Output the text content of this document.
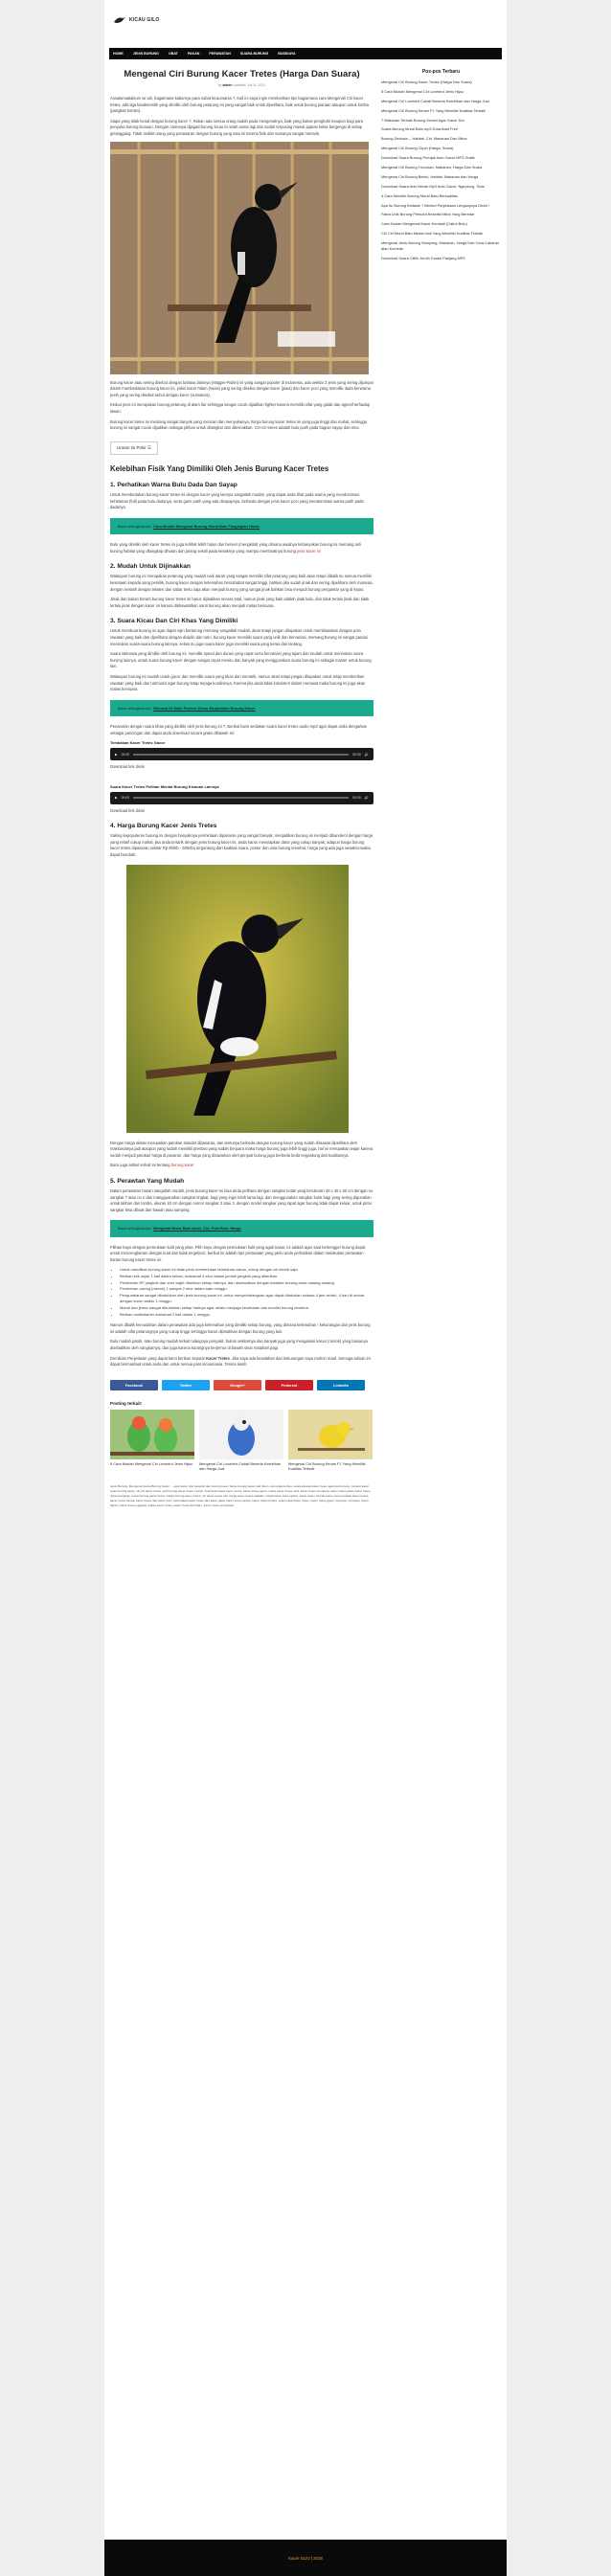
KICAU GILO
HOME	JENIS BURUNG	OBAT	PAKAN	PERAWATAN	SUARA BURUNG	BUDIDAYA
Mengenal Ciri Burung Kacer Tretes (Harga Dan Suara)
by admin Updated: Juli 11, 2021

Assalamualaikum wr wb, bagaimana kabarnya para sobat kicaumania ?, Kali ini saya ingin memberikan tips bagaimana cara Mengenali Ciri kacer tretes, ada tiga karakteristik yang dimiliki oleh burung petarung ini yang sangat baik untuk dipelihara, baik untuk burung piaraan ataupun untuk lomba (pangkas kontes).

Siapa yang tidak kenal dengan burung kacer ?, Rakan ada semua orang sudah pada mengenalnya, baik yang bukan penghobi maupun bagi para penyuka burung kicauan. Dengan namanya dijagad burung kicau ini telah sama lagi dan sudah terpusing masuk jajaran kelas bergengsi di setiap gelanggang. Tidak sedikit orang yang penasaran dengan burung yang satu ini karena fisik dan suaranya sangat menarik.

Burung kacer atau sering disebut dengan bahasa latinnya (Magpie-Robin) ini yang sangat populer di Indonesia, ada sekitar 2 jenis yang sering dijumpai dalam membedakan burung kacer ini, yakni kacer hitam (Nusa) yang sering disebut dengan kacer (jawa) dan kacer poci yang memiliki dada berwarna putih yang sering disebut-sebut dengan kacer (sumatera).

Kedua jenis ini merupakan burung petarung di alam liar sehingga sangat cocok dijadikan fighter karena memiliki sifat yang galak dan agresif terhadap lawan.

Burung kacer tretes ini memang sangat banyak yang mencari dan menyukainya, harga burung kacer tretes ini yang juga tinggi dan mahal, sehingga burung ini sangat cocok dijadikan sebagai pilihan untuk ditangkar dan diternakkan. Ciri-ciri tretes adalah bulu putih pada bagian sayap dan ekor.

Urutan Isi Pokir ☰
Kelebihan Fisik Yang Dimiliki Oleh Jenis Burung Kacer Tretes
1. Perhatikan Warna Bulu Dada Dan Sayap

Untuk membedakan burung kacer tretes ini dengan kacer yang lainnya sangatlah mudah, yang dapat anda lihat pada warna yang mendominasi kehitaman (full) pada bulu dadanya, serta garis putih yang ada disayapnya, berbeda dengan jenis kacer poci yang mendominasi warna putih pada dadanya.

Baca selengkapnya : Cara Mudah Mengenal Burung Murai Batu Tangkapan Hutan

Bulu yang dimiliki oleh kacer tretes ini juga terlihat lebih halus dan berseri (mengkilat) yang dimana awalnya kebanyakan burung ini memang asli burung habitat yang ditangkap dihutan dan jarang sekali pada ketiaknya yang mampu membuatnya burung jenis kacer ini

2. Mudah Untuk Dijinakkan

Walaupun burung ini merupakan petarung yang mudah naik darah yang sangat memiliki sifat petarung yang baik akan tetapi dibalik itu semua memiliki kesetiaan kepada sang pemilik, burung kacer dengan kelemahan bersahabat sangat tinggi, bahkan jika sudah jinak dan sering dipelihara oleh manusia, dengan melatih dengan telaten dan sabar tentu saja akan menjadi burung yang sangat jinak bahkan bisa menjadi burung pengantar yang di lepas.

Jinak dan bukan berarti burung kacer tretes ini harus dijinakkan secara total, namun jinak yang baik adalah jinak kalo, dan tidak terlalu jinak dan tidak terlalu jinak dengan kacer ini karena dikhawatirkan nanti burung akan menjadi malas bersuara.

3. Suara Kicau Dan Ciri Khas Yang Dimiliki

Untuk membuat burung ini agar dapat rajin bertarung memang sangatlah mudah, akan tetapi jangan dilupakan untuk membiasakan dengan pola rawatan yang baik dan dipelihara dengan disiplin dan rutin, burung kacer memiliki suara yang unik dan bervariasi, memang burung ini sangat pandai menirukan suara-suara burung lainnya, selain itu juga suara kacer juga memiliki suara yang keras dan lantang.

Suara istimewa yang dimiliki oleh burung ini, memiliki speed dan durasi yang rapat serta bervariasi yang tajam dan mudah untuk menirukan suara burung lainnya, untuk suara burung kacer dengan sangat cepat meniru dan banyak yang menggunakan suara burung ini sebagai master untuk burung lain.

Walaupun burung ini mudah untuk gacor dan memiliki suara yang khas dan menarik, namun akan tetapi jangan dilupakan untuk tetap memberikan rawatan yang baik dan harmonis agar burung tetap terjaga kondisinya, Karena jika anda tidak konsisten dalam merawat maka burung ini juga akan malas bersuara.

Baca selengkapnya : Rahasia Di Balik Potensi Kicau Menjadikan Burung Kacer

Penasaran dengan suara khas yang dimiliki oleh jenis burung ini ?, Berikut kami sediakan suara kacer tretes audio mp3 agar dapat anda dengarkan sebagai pancingan dan dapat anda download secara gratis dibawah ini:

Tembakan Kacer Tretes Gacor
▶ 00:00	00:00 🔊

Download link disini

Suara Kacer Tretes Pelihan Mental Burung Kicauan Lainnya
▶ 00:00	00:00 🔊

Download link disini

4. Harga Burung Kacer Jenis Tretes

Saking kepopuleran burung ini dengan banyaknya permintaan dipasaran yang sangat banyak, menjadikan burung ini menjadi dibanderol dengan harga yang relatif cukup mahal, jika anda tertarik dengan jenis burung kacer ini, anda harus menyiapkan dana yang cukup banyak, adapun harga burung kacer tretes dipasaran sekitar Rp 900rb - 600ribu tergantung dari kualitas suara, postur dan usia burung tersebut, harga yang ada juga sewaktu-waktu dapat berubah.

Dengan harga diatas merupakan patokan standar dipasaran, dan tentunya berbeda dengan burung kacer yang sudah diraawat dipelihara oleh maklumatnya jadi ataupun yang sudah memiliki prestasi yang sudah berjuara maka harga burung juga lebih tinggi juga, hal ini merupakan wajar karena sudah menjadi patokan harga di pasaran, dan harga yang ditawarkan oleh penjual burung juga berbeda beda tergantung dari kualitasnya.

Baca juga artikel terkait ini tentang burung kacer

5. Perawtan Yang Mudah

Dalam perawatan harian sangatlah mudah, jenis burung kacer ini bisa anda pelihara dengan sangkar kotak yang berukuran 40 x 40 x 60 cm dengan no sangkar 7 atau no 2 dan mangguanakan sangkar tingkat, bagi yang ingin lebih lama lagi, dan menggunakan sangkar bulat bagi yang sering digunakan untuk latihan dan lomba, ukuran 40 cm dengan nomor sangkar 3 atau 2, dengan model sangkar yang rapat agar burung tidak dapat keluar, untuk pintu sangkar bisa dibuat dari bawah atau samping.

Baca selengkapnya : Mengenal Murai Batu Aceh, Ciri, Pola Ekor, Harga

Pilihan kayu dengan permukaan kulit yang jelas. Pilih kayu dengan permukaan kulit yang agak kasar, ini adalah agar saat bertengger burung dapat untuk mencengkeram dengan kuat dan tidak tergelincir, berikut ini adalah tips perawatan yang perlu anda perhatikan dalam melakukan perawatan harian burung kacer tretes ini.

• Untuk mandikan burung kacer ini tidak perlu memerlukan tambahan cairan, cukup dengan air bersih saja.
• Berikan krik sejak 1 kali dalam sehari, maksimal 4 ekor dalam jumlah jangkrik yang diberikan.
• Pemberian EF jangkrik dan voer wajib diberikan setiap harinya, dan disesuaikan dengan karakter burung anda masing-masing.
• Pemberian cacing (merah) 1 sampai 2 ekor dalam satu minggu.
• Pengumbaran sangat dibutuhkan oleh jenis burung kacer ini, untuk menyeimbangkan agar dapat dilakukan selama 4 jam sehari, 4 hari di umbar dengan kurun waktu 1 minggu.
• Mandi dan jemur sangat dibutuhkan setiap harinya agar selalu menjaga kesehatan dan kondisi burung tersebut.
• Berikan multivitamin maksimal 2 kali dalam 1 minggu.

Namun dibalik kemudahan dalam perawatan ada juga kelemahan yang dimiliki setiap burung, yang dimana kelemahan / kekurangan dari jenis burung ini adalah sifat petarungnya yang cukup tinggi sehingga harus dipisahkan dengan burung yang lain.

Bulu mudah patah, atau burung mudah terkait tulangnya penyakit, bukan sekitarnya dan banyak juga yang mengalami kasus (rontok) yang biasanya disebabkan oleh sangkarnya, dan juga karena kurangnya berjemur di bawah sinar matahari pagi.

Demikian Penjelasan yang dapat kami berikan seputar Kacer Tretes. Jika saya ada kesalahan dan kekurangan saya mohon maaf. Semoga tulisan ini dapat bermanfaat untuk anda dan untuk semua para kicaumania. Terima kasih.

Facebook	Twitter	Google+	Pinterest	LinkedIn
Posting terkait:
5 Cara Mudah Mengenal Ciri Lovebird Jenis Hijau	Mengenal Ciri Lovebird Cobalt Beserta Kelebihan dan Harga Jual
Mengenal Ciri Burung Kenari F1 Yang Memiliki Kualitas Terbaik
Jenis Burung, Mengenal Suara Burung Kacer ... agar kacer tipe berganti dan burung kacer fangs burung kacer jual hitam, kemurgaca ches, suara ekstasi kacer tretes agar jual burung, canang kacer tetas burung kacer, ciri-ciri kacer tretes, jual burung kacer tretes murah, download suara kacer tretes, kacer tretes gacor, suara kacer tretes mp3, kacer tretes sumatera, kacer tretes jawa, kacer tretes durasi panjang, suara burung kacer tretes, harga burung kacer tretes, ciri kacer tretes asli, harga kacer tretes bakalan, harga kacer tretes gacor, kacer tretes mental juara, cara merawat kacer tretes, kacer tretes lomba, kacer tretes dan kacer poci, perbedaan kacer tretes dan kacer jawa, kacer tretes jantan, kacer tretes betina, suara pikat kacer tretes, kacer tretes gacor nyerecet, ciri kacer tretes fighter, kacer tretes ngeplay, pakan kacer tretes, kacer tretes full hitam, kacer tretes ombyokan.
Pos-pos Terbaru
Mengenal Ciri Burung Kacer Tretes (Harga Dan Suara)
5 Cara Mudah Mengenal Ciri Lovebird Jenis Hijau
Mengenal Ciri Lovebird Cobalt Beserta Kelebihan dan Harga Jual
Mengenal Ciri Burung Kenari F1 Yang Memiliki Kualitas Terbaik
7 Makanan Terbaik Burung Kenari Agar Gacor Dor
Suara Burung Murai Batu mp3 Download Free
Burung Derkuku – Habitat, Ciri, Makanan Dan Mitos
Mengenal Ciri Burung Ciyoh (Harga, Suara)
Download Suara Burung Prenjak Auto Gacor MP3 Gratis
Mengenal Ciri Burung Trucukan, Makanan, Harga Dan Suara
Mengenal Ciri Burung Beleci, Habitat, Makanan dan Harga
Download Suara Anis Merah Mp3 Auto Gacor, Ngeplong, Tidar
4 Cara Memilih Burung Murai Batu Berkualitas
Apa Itu Burung Kedasih ? Berikut Penjelasan Lengkapnya Disini !
Fakta Unik Burung Perkutut Beserta Mitos Yang Beredar
Cara Mudah Mengenali Kacer Kembali (Cabut Bulu)
Ciri Ciri Murai Batu Medan Asli Yang Memiliki Kualitas Terbaik
Mengenal Jenis Burung Samyong, Makanan, Harga Dan Cara Cabaran atau Komede
Download Suara Cililin Jernih Durasi Panjang MP3
Kacer GLiO | 2018
